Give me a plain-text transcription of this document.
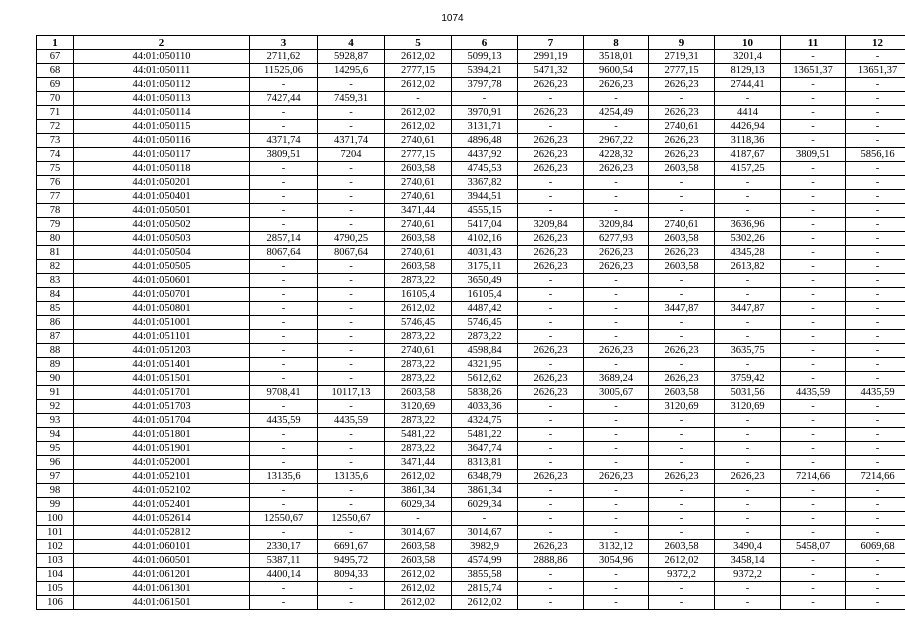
1074
1	2	3	4	5	6	7	8	9	10	11	12
67	44:01:050110	2711,62	5928,87	2612,02	5099,13	2991,19	3518,01	2719,31	3201,4	-	-
68	44:01:050111	11525,06	14295,6	2777,15	5394,21	5471,32	9600,54	2777,15	8129,13	13651,37	13651,37
69	44:01:050112	-	-	2612,02	3797,78	2626,23	2626,23	2626,23	2744,41	-	-
70	44:01:050113	7427,44	7459,31	-	-	-	-	-	-	-	-
71	44:01:050114	-	-	2612,02	3970,91	2626,23	4254,49	2626,23	4414	-	-
72	44:01:050115	-	-	2612,02	3131,71	-	-	2740,61	4426,94	-	-
73	44:01:050116	4371,74	4371,74	2740,61	4896,48	2626,23	2967,22	2626,23	3118,36	-	-
74	44:01:050117	3809,51	7204	2777,15	4437,92	2626,23	4228,32	2626,23	4187,67	3809,51	5856,16
75	44:01:050118	-	-	2603,58	4745,53	2626,23	2626,23	2603,58	4157,25	-	-
76	44:01:050201	-	-	2740,61	3367,82	-	-	-	-	-	-
77	44:01:050401	-	-	2740,61	3944,51	-	-	-	-	-	-
78	44:01:050501	-	-	3471,44	4555,15	-	-	-	-	-	-
79	44:01:050502	-	-	2740,61	5417,04	3209,84	3209,84	2740,61	3636,96	-	-
80	44:01:050503	2857,14	4790,25	2603,58	4102,16	2626,23	6277,93	2603,58	5302,26	-	-
81	44:01:050504	8067,64	8067,64	2740,61	4031,43	2626,23	2626,23	2626,23	4345,28	-	-
82	44:01:050505	-	-	2603,58	3175,11	2626,23	2626,23	2603,58	2613,82	-	-
83	44:01:050601	-	-	2873,22	3650,49	-	-	-	-	-	-
84	44:01:050701	-	-	16105,4	16105,4	-	-	-	-	-	-
85	44:01:050801	-	-	2612,02	4487,42	-	-	3447,87	3447,87	-	-
86	44:01:051001	-	-	5746,45	5746,45	-	-	-	-	-	-
87	44:01:051101	-	-	2873,22	2873,22	-	-	-	-	-	-
88	44:01:051203	-	-	2740,61	4598,84	2626,23	2626,23	2626,23	3635,75	-	-
89	44:01:051401	-	-	2873,22	4321,95	-	-	-	-	-	-
90	44:01:051501	-	-	2873,22	5612,62	2626,23	3689,24	2626,23	3759,42	-	-
91	44:01:051701	9708,41	10117,13	2603,58	5838,26	2626,23	3005,67	2603,58	5031,56	4435,59	4435,59
92	44:01:051703	-	-	3120,69	4033,36	-	-	3120,69	3120,69	-	-
93	44:01:051704	4435,59	4435,59	2873,22	4324,75	-	-	-	-	-	-
94	44:01:051801	-	-	5481,22	5481,22	-	-	-	-	-	-
95	44:01:051901	-	-	2873,22	3647,74	-	-	-	-	-	-
96	44:01:052001	-	-	3471,44	8313,81	-	-	-	-	-	-
97	44:01:052101	13135,6	13135,6	2612,02	6348,79	2626,23	2626,23	2626,23	2626,23	7214,66	7214,66
98	44:01:052102	-	-	3861,34	3861,34	-	-	-	-	-	-
99	44:01:052401	-	-	6029,34	6029,34	-	-	-	-	-	-
100	44:01:052614	12550,67	12550,67	-	-	-	-	-	-	-	-
101	44:01:052812	-	-	3014,67	3014,67	-	-	-	-	-	-
102	44:01:060101	2330,17	6691,67	2603,58	3982,9	2626,23	3132,12	2603,58	3490,4	5458,07	6069,68
103	44:01:060501	5387,11	9495,72	2603,58	4574,99	2888,86	3054,96	2612,02	3458,14	-	-
104	44:01:061201	4400,14	8094,33	2612,02	3855,58	-	-	9372,2	9372,2	-	-
105	44:01:061301	-	-	2612,02	2815,74	-	-	-	-	-	-
106	44:01:061501	-	-	2612,02	2612,02	-	-	-	-	-	-
